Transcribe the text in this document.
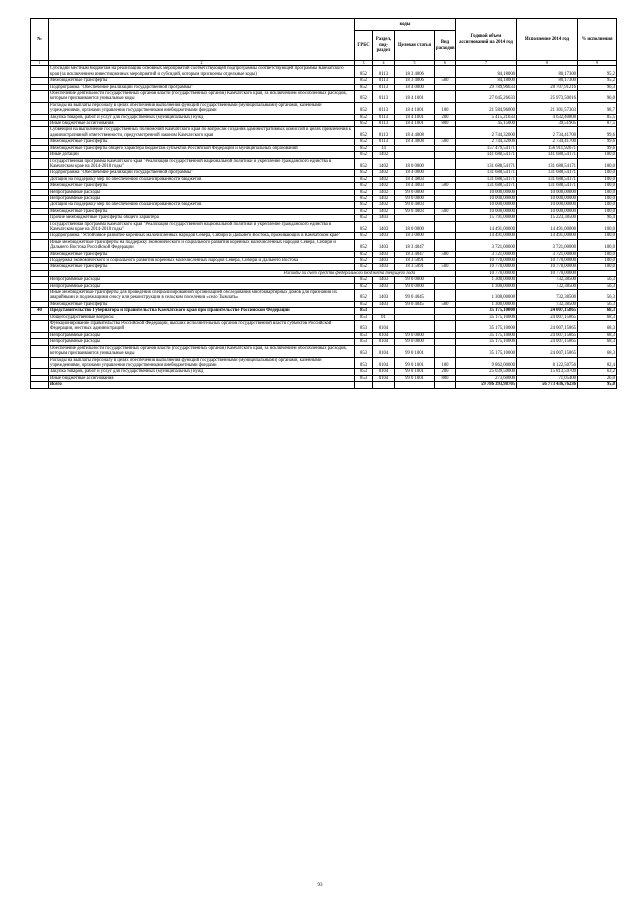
№		коды				Годовой объем ассигнований на 2014 год	Исполнение 2014 год	% исполнения
		ГРБС	Раздел, под-раздел	Целевая статья	Вид расходов			
1	2	3	4	5	6	7	8	9
	Субсидии местным бюджетам на реализацию основных мероприятий соответствующей подпрограммы соответствующей программы Камчатского края (за исключением инвестиционных мероприятий и субсидий, которым присвоены отдельные коды)	852	0113	18 3 4006		84,18000	80,17300	95,2
	Межбюджетные трансферты	852	0113	18 3 4006	500	84,18000	80,17300	95,2
	Подпрограмма "Обеспечение реализации государственной программы"	852	0113	18 4 0000		29 789,96633	28 707,91216	96,3
	Обеспечение деятельности государственных органов власти (государственных органов) Камчатского края, за исключением обособленных расходов, которым присваиваются уникальные коды	852	0113	18 4 1001		27 045,26633	25 973,50016	96,0
	Расходы на выплаты персоналу в целях обеспечения выполнения функций государственными (муниципальными) органами, казенными учреждениями, органами управления государственными внебюджетными фондами	852	0113	18 4 1001	100	21 584,96000	21 301,57303	98,7
	Закупка товаров, работ и услуг для государственных (муниципальных) нужд	852	0113	18 4 1001	200	5 415,21633	4 632,40808	85,5
	Иные бюджетные ассигнования	852	0113	18 4 1001	800	45,15000	39,51905	87,5
	Субвенции на выполнение государственных полномочий Камчатского края по вопросам создания административных комиссий в целях привлечения к административной ответственности, предусмотренной законом Камчатского края	852	0113	18 4 4008		2 744,32000	2 734,41700	99,6
	Межбюджетные трансферты	852	0113	18 4 4008	500	2 744,32000	2 734,41700	99,6
	Межбюджетные трансферты общего характера бюджетам субъектов Российской Федерации и муниципальных образований	852	14			157 479,54171	156 911,92671	99,6
	Иные дотации	852	1402			141 688,54171	141 688,54171	100,0
	Государственная программа Камчатского края "Реализация государственной национальной политики и укрепление гражданского единства в Камчатском крае на 2014-2018 годы"	852	1402	18 0 0000		131 688,54171	131 688,54171	100,0
	Подпрограмма "Обеспечение реализации государственной программы"	852	1402	18 4 0000		131 688,54171	131 688,54171	100,0
	Дотации на поддержку мер по обеспечению сбалансированности бюджетов	852	1402	18 4 4003		131 688,54171	131 688,54171	100,0
	Межбюджетные трансферты	852	1402	18 4 4003	500	131 688,54171	131 688,54171	100,0
	Непрограммные расходы	852	1402	99 0 0000		10 000,00000	10 000,00000	100,0
	Непрограммные расходы	852	1402	99 0 0000		10 000,00000	10 000,00000	100,0
	Дотации на поддержку мер по обеспечению сбалансированности бюджетов	852	1402	99 0 4003		10 000,00000	10 000,00000	100,0
	Межбюджетные трансферты	852	1402	99 0 4003	500	10 000,00000	10 000,00000	100,0
	Прочие межбюджетные трансферты общего характера	852	1403			15 791,00000	15 223,38500	96,4
	Государственная программа Камчатского края "Реализация государственной национальной политики и укрепление гражданского единства в Камчатском крае на 2014-2018 годы"	852	1403	18 0 0000		14 491,00000	14 491,00000	100,0
	Подпрограмма "Устойчивое развитие коренных малочисленных народов Севера, Сибири и Дальнего Востока, проживающих в Камчатском крае"	852	1403	18 3 0000		14 491,00000	14 491,00000	100,0
	Иные межбюджетные трансферты на поддержку экономического и социального развития коренных малочисленных народов Севера, Сибири и Дальнего Востока Российской Федерации	852	1403	18 3 4047		3 721,00000	3 721,00000	100,0
	Межбюджетные трансферты	852	1403	18 3 4047	500	3 721,00000	3 721,00000	100,0
	Поддержка экономического и социального развития коренных малочисленных народов Севера, Сибири и Дальнего Востока	852	1403	18 3 5091		10 770,00000	10 770,00000	100,0
	Межбюджетные трансферты	852	1403	18 3 5091	500	10 770,00000	10 770,00000	100,0
	Расходы за счет средств федерального бюджета текущего года					10 770,00000	10 770,00000	
	Непрограммные расходы	852	1403	99 0 0000		1 300,00000	732,38500	56,3
	Непрограммные расходы	852	1403	99 0 0000		1 300,00000	732,38500	56,3
	Иные межбюджетные трансферты для проведения специализированной организацией обследования многоквартирных домов для признания их аварийными и подлежащими сносу или реконструкции в сельском поселении «село Тымлать»	852	1403	99 0 4045		1 300,00000	732,38500	56,3
	Межбюджетные трансферты	852	1403	99 0 4045	500	1 300,00000	732,38500	56,3
40	Представительство Губернатора и Правительства Камчатского края при Правительстве Российской Федерации	853				35 175,10000	24 007,15865	68,3
	Общегосударственные вопросы	853	01			35 175,10000	24 007,15865	68,3
	Функционирование Правительства Российской Федерации, высших исполнительных органов государственной власти субъектов Российской Федерации, местных администраций	853	0104			35 175,10000	24 007,15865	68,3
	Непрограммные расходы	853	0104	99 0 0000		35 175,10000	24 007,15865	68,3
	Непрограммные расходы	853	0104	99 0 0000		35 175,10000	24 007,15865	68,3
	Обеспечение деятельности государственных органов власти (государственных органов) Камчатского края, за исключением обособленных расходов, которым присваиваются уникальные коды	853	0104	99 0 1001		35 175,10000	24 007,15865	68,3
	Расходы на выплаты персоналу в целях обеспечения выполнения функций государственными (муниципальными) органами, казенными учреждениями, органами управления государственными внебюджетными фондами	853	0104	99 0 1001	100	9 862,00000	8 122,50756	82,4
	Закупка товаров, работ и услуг для государственных (муниципальных) нужд	853	0104	99 0 1001	200	25 039,50000	15 813,59709	63,2
	Иные бюджетные ассигнования	853	0104	99 0 1001	800	273,60000	71,05400	26,0
	Всего					59 786 393,98705	56 773 436,76236	95,0
93
